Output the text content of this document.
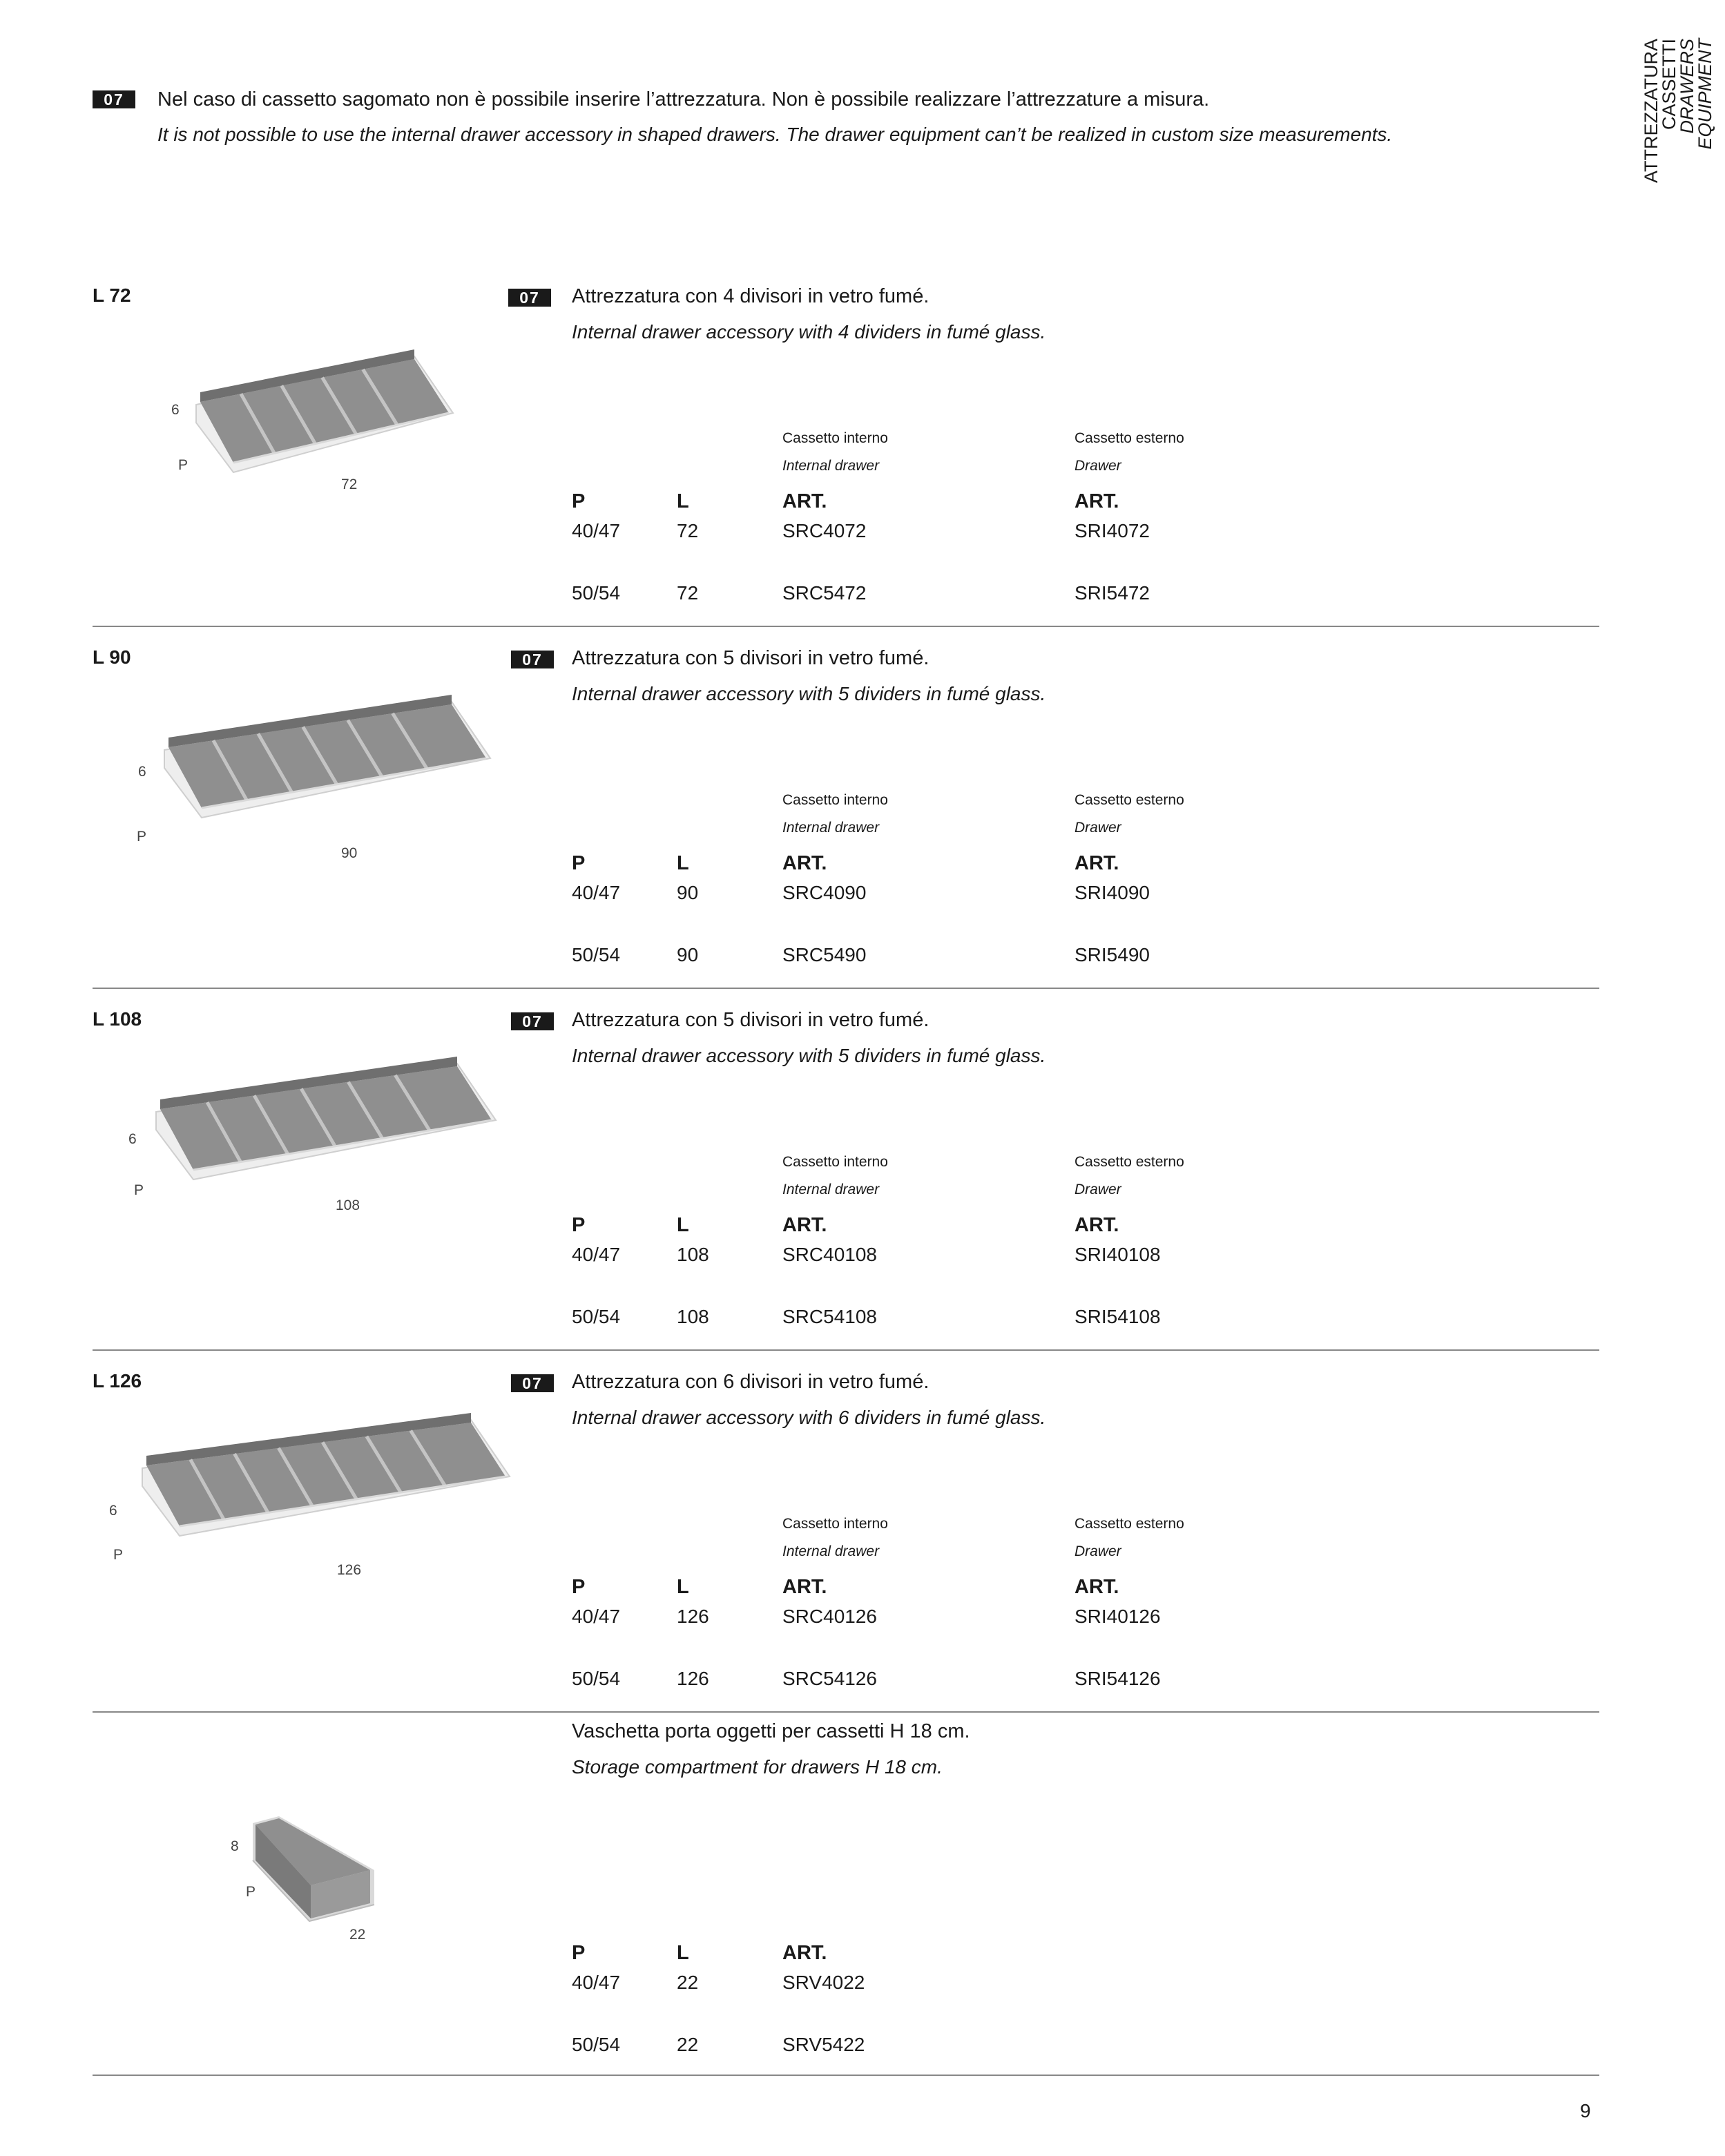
ATTREZZATURA
CASSETTI
DRAWERS
EQUIPMENT
07	Nel caso di cassetto sagomato non è possibile inserire l’attrezzatura. Non è possibile realizzare l’attrezzature a misura.
It is not possible to use the internal drawer accessory in shaped drawers. The drawer equipment can’t be realized in custom size measurements.
L 72	07	Attrezzatura con 4 divisori in vetro fumé.
Internal drawer accessory with 4 dividers in fumé glass.
6
P
72
Cassetto interno
Internal drawer
Cassetto esterno
Drawer
P	L	ART.	ART.
40/47	72	SRC4072	SRI4072
50/54	72	SRC5472	SRI5472
L 90	07	Attrezzatura con 5 divisori in vetro fumé.
Internal drawer accessory with 5 dividers in fumé glass.
6
P
90
Cassetto interno
Internal drawer
Cassetto esterno
Drawer
P	L	ART.	ART.
40/47	90	SRC4090	SRI4090
50/54	90	SRC5490	SRI5490
L 108	07	Attrezzatura con 5 divisori in vetro fumé.
Internal drawer accessory with 5 dividers in fumé glass.
6
P
108
Cassetto interno
Internal drawer
Cassetto esterno
Drawer
P	L	ART.	ART.
40/47	108	SRC40108	SRI40108
50/54	108	SRC54108	SRI54108
L 126	07	Attrezzatura con 6 divisori in vetro fumé.
Internal drawer accessory with 6 dividers in fumé glass.
6
P
126
Cassetto interno
Internal drawer
Cassetto esterno
Drawer
P	L	ART.	ART.
40/47	126	SRC40126	SRI40126
50/54	126	SRC54126	SRI54126
Vaschetta porta oggetti per cassetti H 18 cm.
Storage compartment for drawers H 18 cm.
8
P
22
P	L	ART.
40/47	22	SRV4022
50/54	22	SRV5422
9
